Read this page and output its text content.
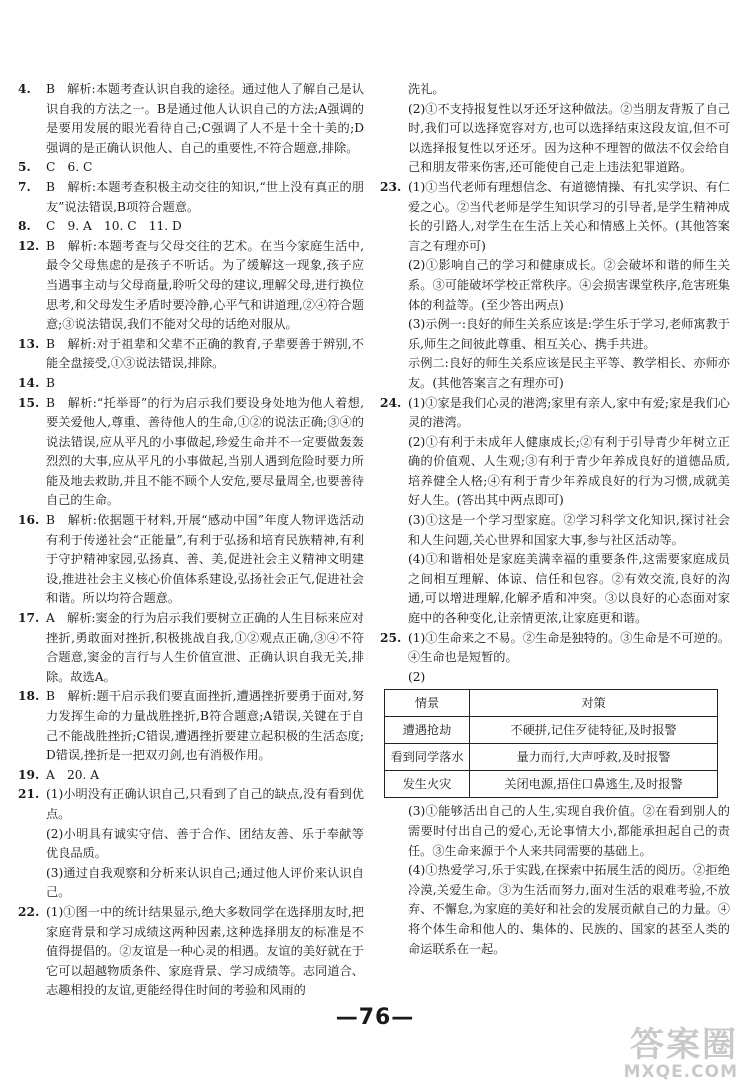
4.	B　解析:本题考查认识自我的途径。通过他人了解自己是认识自我的方法之一。B是通过他人认识自己的方法;A强调的是要用发展的眼光看待自己;C强调了人不是十全十美的;D强调的是正确认识他人、自己的重要性,不符合题意,排除。
5.	C　6. C
7.	B　解析:本题考查积极主动交往的知识,“世上没有真正的朋友”说法错误,B项符合题意。
8.	C　9. A　10. C　11. D
12. B　解析:本题考查与父母交往的艺术。在当今家庭生活中,最令父母焦虑的是孩子不听话。为了缓解这一现象,孩子应当遇事主动与父母商量,聆听父母的建议,理解父母,进行换位思考,和父母发生矛盾时要冷静,心平气和讲道理,②④符合题意;③说法错误,我们不能对父母的话绝对服从。
13. B　解析:对于祖辈和父辈不正确的教育,子辈要善于辨别,不能全盘接受,①③说法错误,排除。
14. B
15. B　解析:“托举哥”的行为启示我们要设身处地为他人着想,要关爱他人,尊重、善待他人的生命,①②的说法正确;③④的说法错误,应从平凡的小事做起,珍爱生命并不一定要做轰轰烈烈的大事,应从平凡的小事做起,当别人遇到危险时要力所能及地去救助,并且不能不顾个人安危,要尽量周全,也要善待自己的生命。
16. B　解析:依据题干材料,开展“感动中国”年度人物评选活动有利于传递社会“正能量”,有利于弘扬和培育民族精神,有利于守护精神家园,弘扬真、善、美,促进社会主义精神文明建设,推进社会主义核心价值体系建设,弘扬社会正气,促进社会和谐。所以均符合题意。
17. A　解析:窦金的行为启示我们要树立正确的人生目标来应对挫折,勇敢面对挫折,积极挑战自我,①②观点正确,③④不符合题意,窦金的言行与人生价值宣泄、正确认识自我无关,排除。故选A。
18. B　解析:题干启示我们要直面挫折,遭遇挫折要勇于面对,努力发挥生命的力量战胜挫折,B符合题意;A错误,关键在于自己不能战胜挫折;C错误,遭遇挫折要建立起积极的生活态度;D错误,挫折是一把双刃剑,也有消极作用。
19. A　20. A
21. (1)小明没有正确认识自己,只看到了自己的缺点,没有看到优点。
(2)小明具有诚实守信、善于合作、团结友善、乐于奉献等优良品质。
(3)通过自我观察和分析来认识自己;通过他人评价来认识自己。
22. (1)①图一中的统计结果显示,绝大多数同学在选择朋友时,把家庭背景和学习成绩这两种因素,这种选择朋友的标准是不值得提倡的。②友谊是一种心灵的相遇。友谊的美好就在于它可以超越物质条件、家庭背景、学习成绩等。志同道合、志趣相投的友谊,更能经得住时间的考验和风雨的
洗礼。
(2)①不支持报复性以牙还牙这种做法。②当朋友背叛了自己时,我们可以选择宽容对方,也可以选择结束这段友谊,但不可以选择报复性以牙还牙。因为这种不理智的做法不仅会给自己和朋友带来伤害,还可能使自己走上违法犯罪道路。
23. (1)①当代老师有理想信念、有道德情操、有扎实学识、有仁爱之心。②当代老师是学生知识学习的引导者,是学生精神成长的引路人,对学生在生活上关心和情感上关怀。(其他答案言之有理亦可)
(2)①影响自己的学习和健康成长。②会破坏和谐的师生关系。③可能破坏学校正常秩序。④会损害课堂秩序,危害班集体的利益等。(至少答出两点)
(3)示例一:良好的师生关系应该是:学生乐于学习,老师寓教于乐,师生之间彼此尊重、相互关心、携手共进。
示例二:良好的师生关系应该是民主平等、教学相长、亦师亦友。(其他答案言之有理亦可)
24. (1)①家是我们心灵的港湾;家里有亲人,家中有爱;家是我们心灵的港湾。
(2)①有利于未成年人健康成长;②有利于引导青少年树立正确的价值观、人生观;③有利于青少年养成良好的道德品质,培养健全人格;④有利于青少年养成良好的行为习惯,成就美好人生。(答出其中两点即可)
(3)①这是一个学习型家庭。②学习科学文化知识,探讨社会和人生问题,关心世界和国家大事,参与社区活动等。
(4)①和谐相处是家庭美满幸福的重要条件,这需要家庭成员之间相互理解、体谅、信任和包容。②有效交流,良好的沟通,可以增进理解,化解矛盾和冲突。③以良好的心态面对家庭中的各种变化,让亲情更浓,让家庭更和谐。
25. (1)①生命来之不易。②生命是独特的。③生命是不可逆的。④生命也是短暂的。
(2)
情景	对策
遭遇抢劫	不硬拼,记住歹徒特征,及时报警
看到同学落水	量力而行,大声呼救,及时报警
发生火灾	关闭电源,捂住口鼻逃生,及时报警
(3)①能够活出自己的人生,实现自我价值。②在看到别人的需要时付出自己的爱心,无论事情大小,都能承担起自己的责任。③生命来源于个人来共同需要的基础上。
(4)①热爱学习,乐于实践,在探索中拓展生活的阅历。②拒绝冷漠,关爱生命。③为生活而努力,面对生活的艰难考验,不放弃、不懈怠,为家庭的美好和社会的发展贡献自己的力量。④将个体生命和他人的、集体的、民族的、国家的甚至人类的命运联系在一起。
—76—
答案圈
MXQE.COM
